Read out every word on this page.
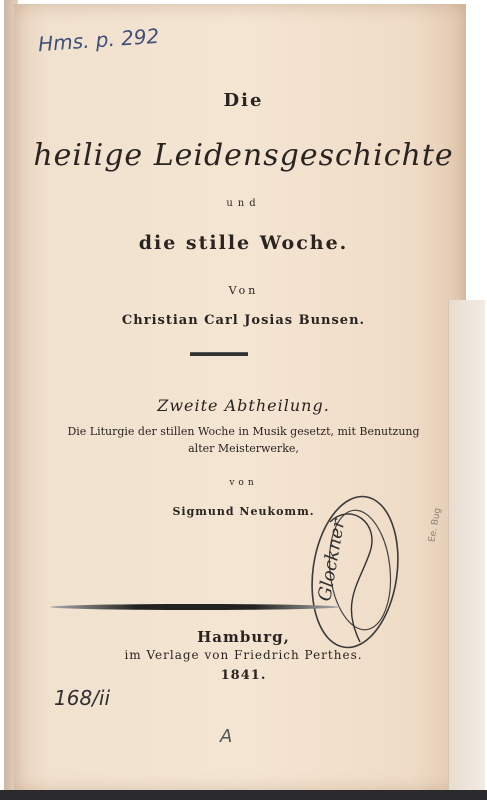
Hms. p. 292
Die
heilige Leidensgeschichte
und
die stille Woche.
Von
Christian Carl Josias Bunsen.
Zweite Abtheilung.
Die Liturgie der stillen Woche in Musik gesetzt, mit Benutzung
alter Meisterwerke,
von
Sigmund Neukomm.
Glockner	Ee. Bug
Hamburg,
im Verlage von Friedrich Perthes.
1841.
168/ii
A
